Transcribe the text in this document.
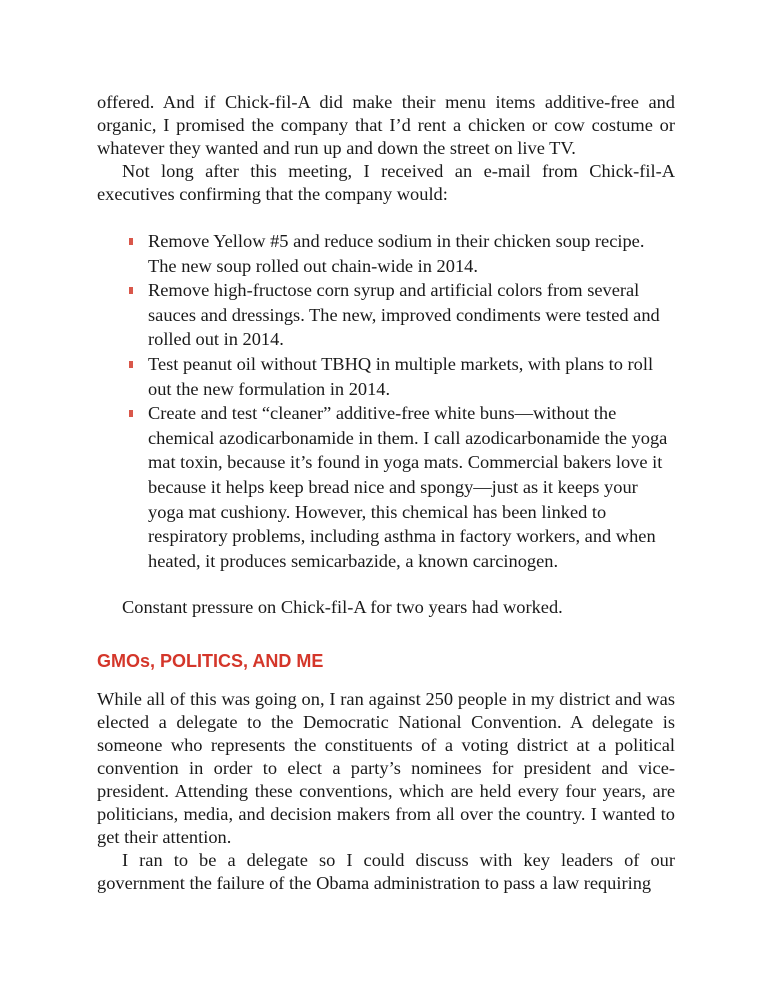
offered. And if Chick-fil-A did make their menu items additive-free and organic, I promised the company that I’d rent a chicken or cow costume or whatever they wanted and run up and down the street on live TV.

Not long after this meeting, I received an e-mail from Chick-fil-A executives confirming that the company would:

Remove Yellow #5 and reduce sodium in their chicken soup recipe. The new soup rolled out chain-wide in 2014.
Remove high-fructose corn syrup and artificial colors from several sauces and dressings. The new, improved condiments were tested and rolled out in 2014.
Test peanut oil without TBHQ in multiple markets, with plans to roll out the new formulation in 2014.
Create and test “cleaner” additive-free white buns—without the chemical azodicarbonamide in them. I call azodicarbonamide the yoga mat toxin, because it’s found in yoga mats. Commercial bakers love it because it helps keep bread nice and spongy—just as it keeps your yoga mat cushiony. However, this chemical has been linked to respiratory problems, including asthma in factory workers, and when heated, it produces semicarbazide, a known carcinogen.

Constant pressure on Chick-fil-A for two years had worked.

GMOs, POLITICS, AND ME

While all of this was going on, I ran against 250 people in my district and was elected a delegate to the Democratic National Convention. A delegate is someone who represents the constituents of a voting district at a political convention in order to elect a party’s nominees for president and vice-president. Attending these conventions, which are held every four years, are politicians, media, and decision makers from all over the country. I wanted to get their attention.

I ran to be a delegate so I could discuss with key leaders of our government the failure of the Obama administration to pass a law requiring
